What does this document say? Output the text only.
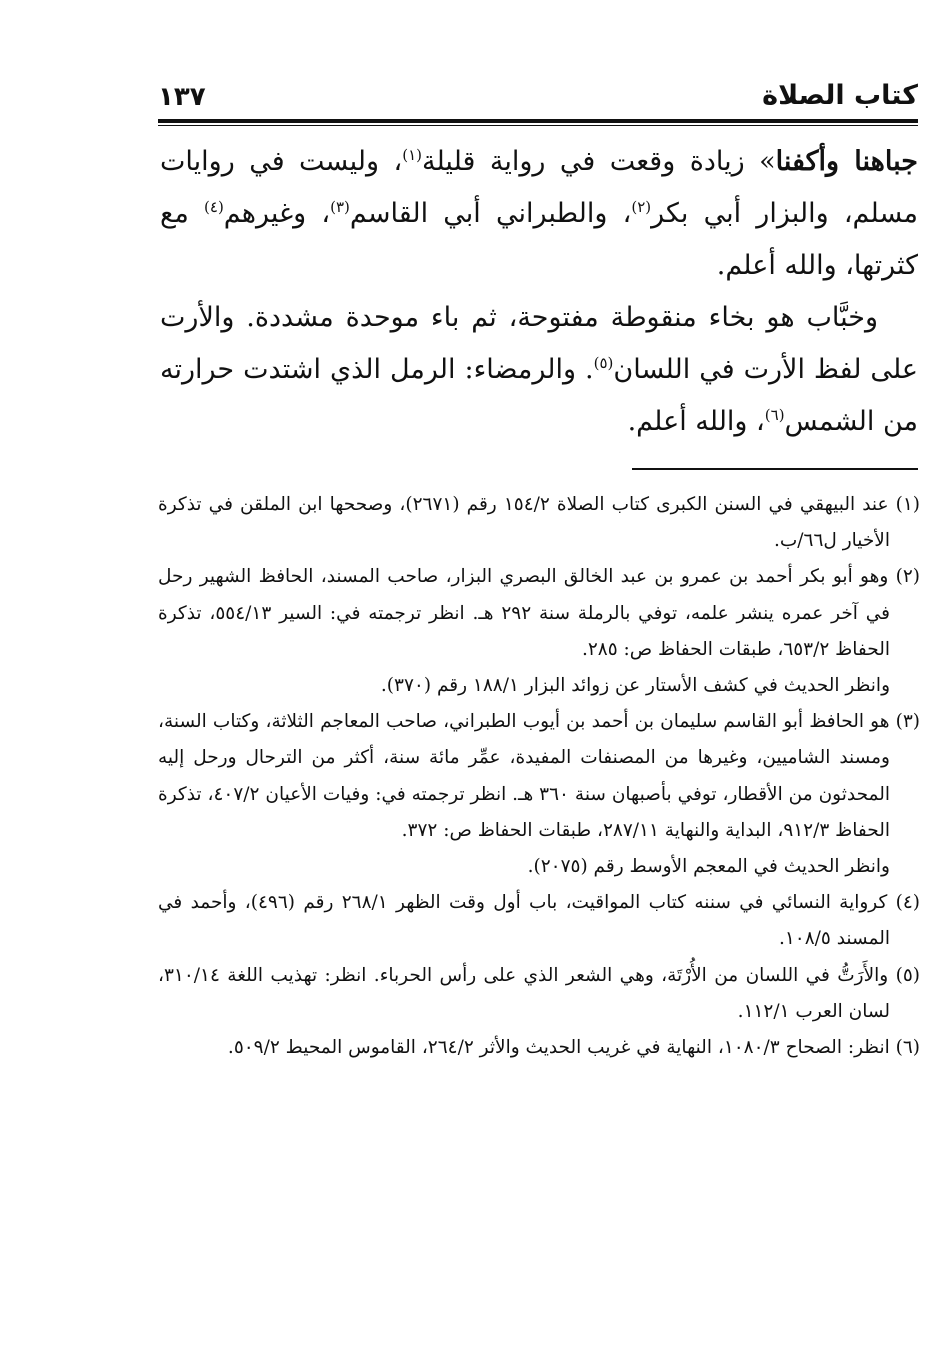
كتاب الصلاة
١٣٧

جباهنا وأكفنا» زيادة وقعت في رواية قليلة$^{(١)}$، وليست في روايات مسلم، والبزار أبي بكر$^{(٢)}$، والطبراني أبي القاسم$^{(٣)}$، وغيرهم$^{(٤)}$ مع كثرتها، والله أعلم.

وخبَّاب هو بخاء منقوطة مفتوحة، ثم باء موحدة مشددة. والأرت على لفظ الأرت في اللسان$^{(٥)}$. والرمضاء: الرمل الذي اشتدت حرارته من الشمس$^{(٦)}$، والله أعلم.

(١) عند البيهقي في السنن الكبرى كتاب الصلاة ١٥٤/٢ رقم (٢٦٧١)، وصححها ابن الملقن في تذكرة الأخيار ل٦٦/ب.

(٢) وهو أبو بكر أحمد بن عمرو بن عبد الخالق البصري البزار، صاحب المسند، الحافظ الشهير رحل في آخر عمره ينشر علمه، توفي بالرملة سنة ٢٩٢ هـ. انظر ترجمته في: السير ٥٥٤/١٣، تذكرة الحفاظ ٦٥٣/٢، طبقات الحفاظ ص: ٢٨٥.

وانظر الحديث في كشف الأستار عن زوائد البزار ١٨٨/١ رقم (٣٧٠).

(٣) هو الحافظ أبو القاسم سليمان بن أحمد بن أيوب الطبراني، صاحب المعاجم الثلاثة، وكتاب السنة، ومسند الشاميين، وغيرها من المصنفات المفيدة، عمِّر مائة سنة، أكثر من الترحال ورحل إليه المحدثون من الأقطار، توفي بأصبهان سنة ٣٦٠ هـ. انظر ترجمته في: وفيات الأعيان ٤٠٧/٢، تذكرة الحفاظ ٩١٢/٣، البداية والنهاية ٢٨٧/١١، طبقات الحفاظ ص: ٣٧٢.

وانظر الحديث في المعجم الأوسط رقم (٢٠٧٥).

(٤) كرواية النسائي في سننه كتاب المواقيت، باب أول وقت الظهر ٢٦٨/١ رقم (٤٩٦)، وأحمد في المسند ١٠٨/٥.

(٥) والأَرَتُّ في اللسان من الأُرْتَة، وهي الشعر الذي على رأس الحرباء. انظر: تهذيب اللغة ٣١٠/١٤، لسان العرب ١١٢/١.

(٦) انظر: الصحاح ١٠٨٠/٣، النهاية في غريب الحديث والأثر ٢٦٤/٢، القاموس المحيط ٥٠٩/٢.
